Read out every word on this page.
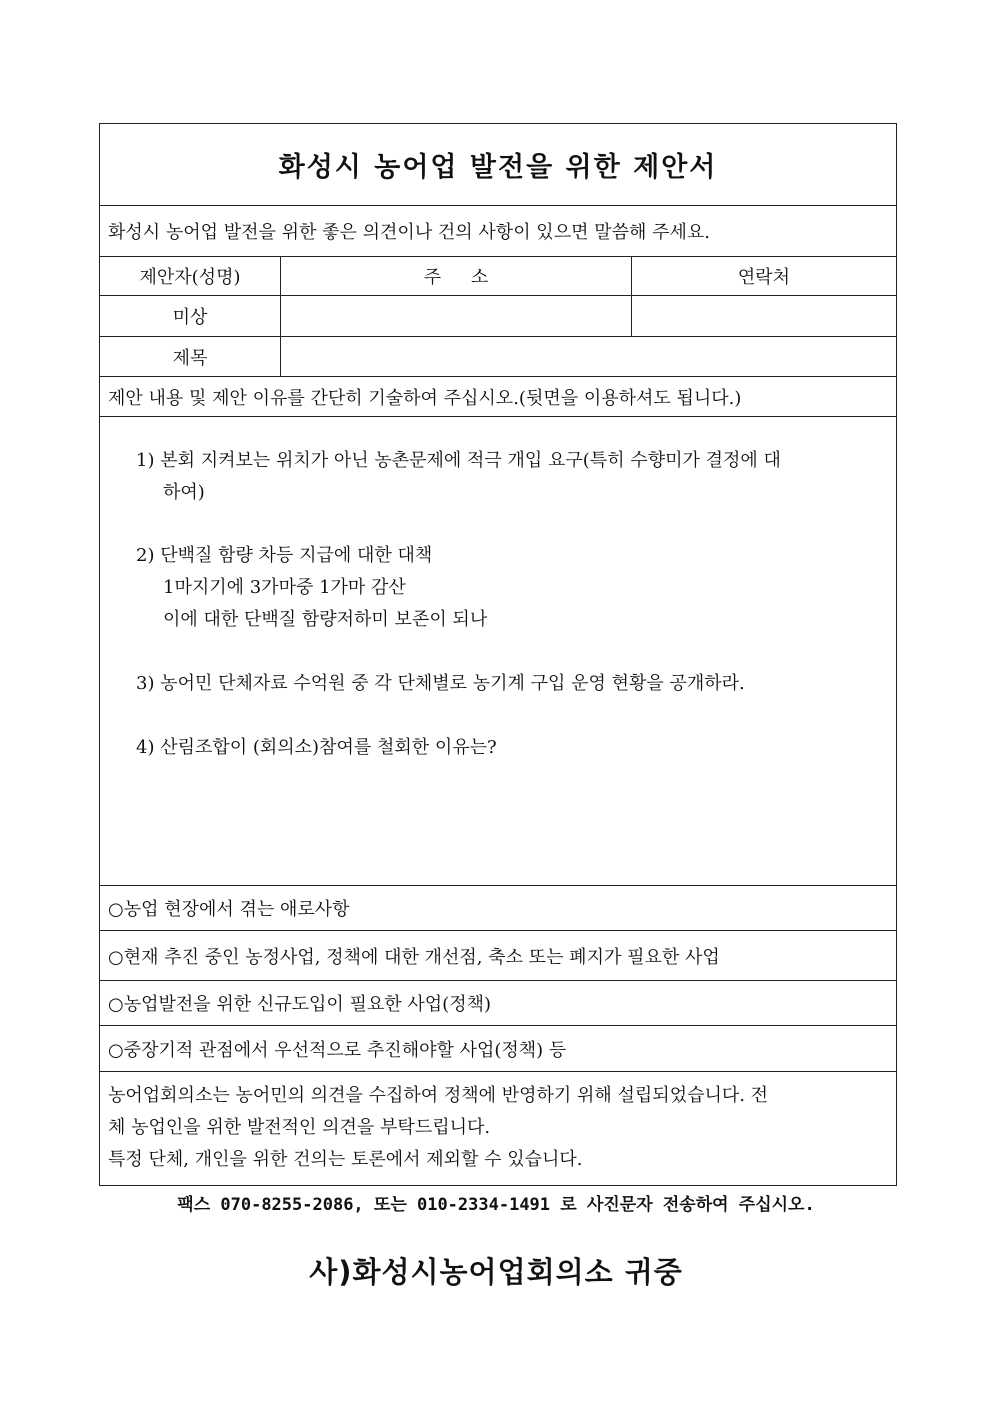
화성시 농어업 발전을 위한 제안서
화성시 농어업 발전을 위한 좋은 의견이나 건의 사항이 있으면 말씀해 주세요.
제안자(성명)	주 소	연락처
미상
제목
제안 내용 및 제안 이유를 간단히 기술하여 주십시오.(뒷면을 이용하셔도 됩니다.)
1) 본회 지켜보는 위치가 아닌 농촌문제에 적극 개입 요구(특히 수향미가 결정에 대
하여)
2) 단백질 함량 차등 지급에 대한 대책
1마지기에 3가마중 1가마 감산
이에 대한 단백질 함량저하미 보존이 되나
3) 농어민 단체자료 수억원 중 각 단체별로 농기계 구입 운영 현황을 공개하라.
4) 산림조합이 (회의소)참여를 철회한 이유는?
○농업 현장에서 겪는 애로사항
○현재 추진 중인 농정사업, 정책에 대한 개선점, 축소 또는 폐지가 필요한 사업
○농업발전을 위한 신규도입이 필요한 사업(정책)
○중장기적 관점에서 우선적으로 추진해야할 사업(정책) 등
농어업회의소는 농어민의 의견을 수집하여 정책에 반영하기 위해 설립되었습니다. 전
체 농업인을 위한 발전적인 의견을 부탁드립니다.
특정 단체, 개인을 위한 건의는 토론에서 제외할 수 있습니다.
팩스 070-8255-2086, 또는 010-2334-1491 로 사진문자 전송하여 주십시오.
사)화성시농어업회의소 귀중
